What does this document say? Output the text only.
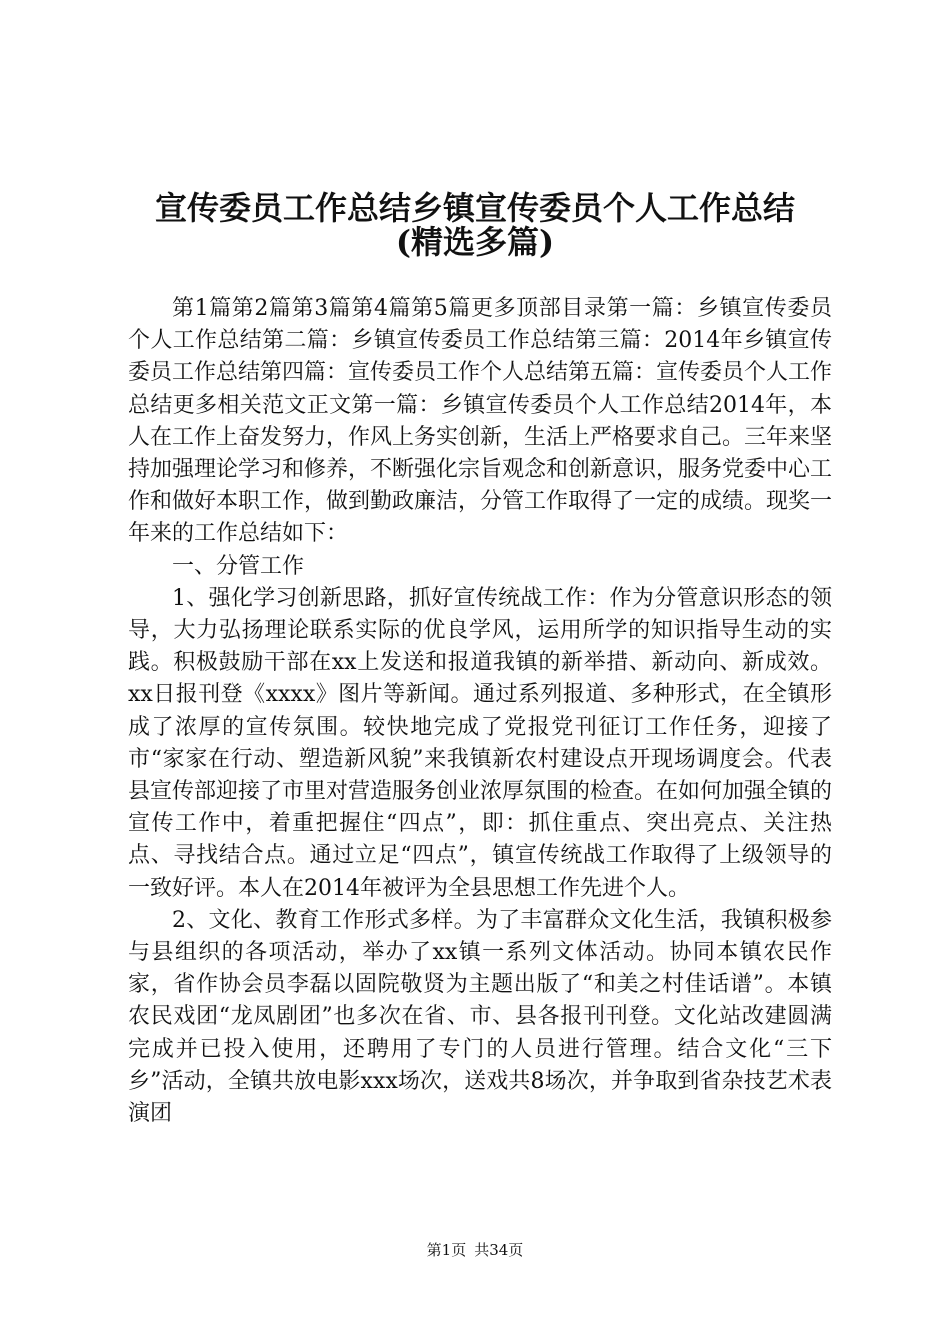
宣传委员工作总结乡镇宣传委员个人工作总结
(精选多篇)

第1篇第2篇第3篇第4篇第5篇更多顶部目录第一篇：乡镇宣传委员个人工作总结第二篇：乡镇宣传委员工作总结第三篇：2014年乡镇宣传委员工作总结第四篇：宣传委员工作个人总结第五篇：宣传委员个人工作总结更多相关范文正文第一篇：乡镇宣传委员个人工作总结2014年，本人在工作上奋发努力，作风上务实创新，生活上严格要求自己。三年来坚持加强理论学习和修养，不断强化宗旨观念和创新意识，服务党委中心工作和做好本职工作，做到勤政廉洁，分管工作取得了一定的成绩。现奖一年来的工作总结如下：

一、分管工作

1、强化学习创新思路，抓好宣传统战工作：作为分管意识形态的领导，大力弘扬理论联系实际的优良学风，运用所学的知识指导生动的实践。积极鼓励干部在xx上发送和报道我镇的新举措、新动向、新成效。xx日报刊登《xxxx》图片等新闻。通过系列报道、多种形式，在全镇形成了浓厚的宣传氛围。较快地完成了党报党刊征订工作任务，迎接了市“家家在行动、塑造新风貌”来我镇新农村建设点开现场调度会。代表县宣传部迎接了市里对营造服务创业浓厚氛围的检查。在如何加强全镇的宣传工作中，着重把握住“四点”，即：抓住重点、突出亮点、关注热点、寻找结合点。通过立足“四点”，镇宣传统战工作取得了上级领导的一致好评。本人在2014年被评为全县思想工作先进个人。

2、文化、教育工作形式多样。为了丰富群众文化生活，我镇积极参与县组织的各项活动，举办了xx镇一系列文体活动。协同本镇农民作家，省作协会员李磊以固院敬贤为主题出版了“和美之村佳话谱”。本镇农民戏团“龙凤剧团”也多次在省、市、县各报刊刊登。文化站改建圆满完成并已投入使用，还聘用了专门的人员进行管理。结合文化“三下乡”活动，全镇共放电影xxx场次，送戏共8场次，并争取到省杂技艺术表演团

第1页 共34页
